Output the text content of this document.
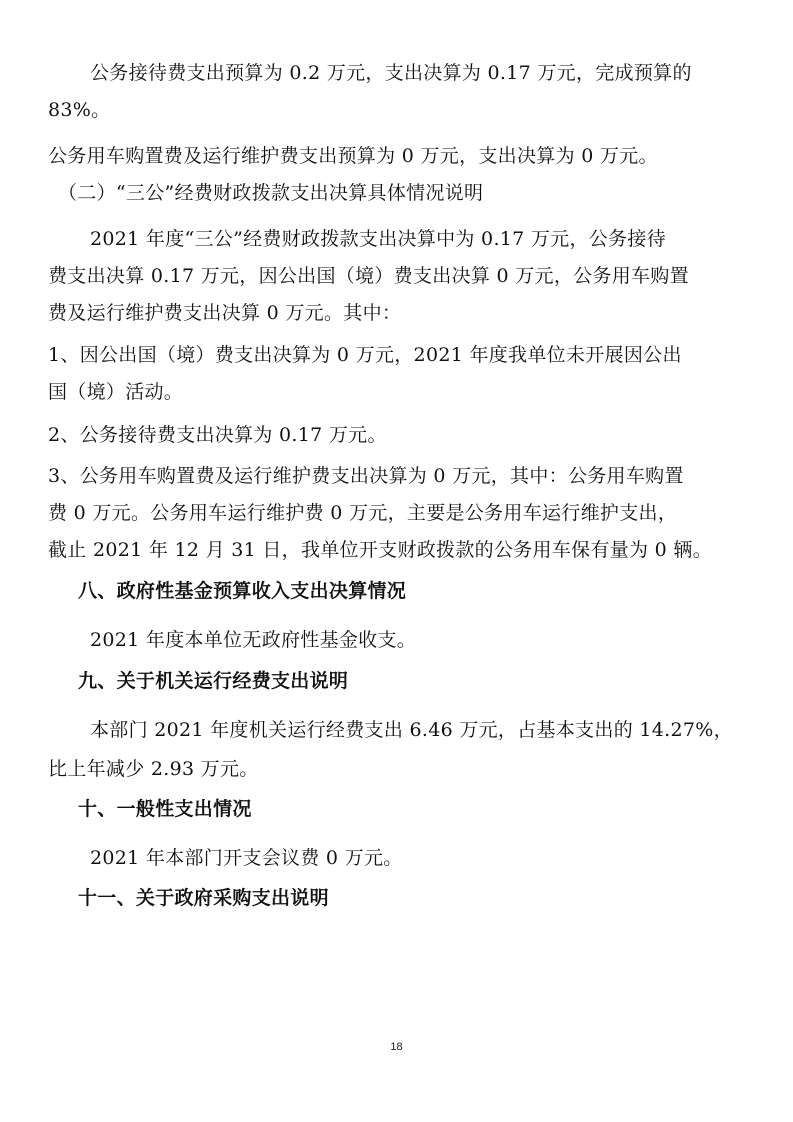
公务接待费支出预算为 0.2 万元，支出决算为 0.17 万元，完成预算的
83%。
公务用车购置费及运行维护费支出预算为 0 万元，支出决算为 0 万元。
（二）“三公”经费财政拨款支出决算具体情况说明
2021 年度“三公”经费财政拨款支出决算中为 0.17 万元，公务接待
费支出决算 0.17 万元，因公出国（境）费支出决算 0 万元，公务用车购置
费及运行维护费支出决算 0 万元。其中：
1、因公出国（境）费支出决算为 0 万元，2021 年度我单位未开展因公出
国（境）活动。
2、公务接待费支出决算为 0.17 万元。
3、公务用车购置费及运行维护费支出决算为 0 万元，其中：公务用车购置
费 0 万元。公务用车运行维护费 0 万元，主要是公务用车运行维护支出，
截止 2021 年 12 月 31 日，我单位开支财政拨款的公务用车保有量为 0 辆。
八、政府性基金预算收入支出决算情况
2021 年度本单位无政府性基金收支。
九、关于机关运行经费支出说明
本部门 2021 年度机关运行经费支出 6.46 万元，占基本支出的 14.27%，
比上年减少 2.93 万元。
十、一般性支出情况
2021 年本部门开支会议费 0 万元。
十一、关于政府采购支出说明
18
